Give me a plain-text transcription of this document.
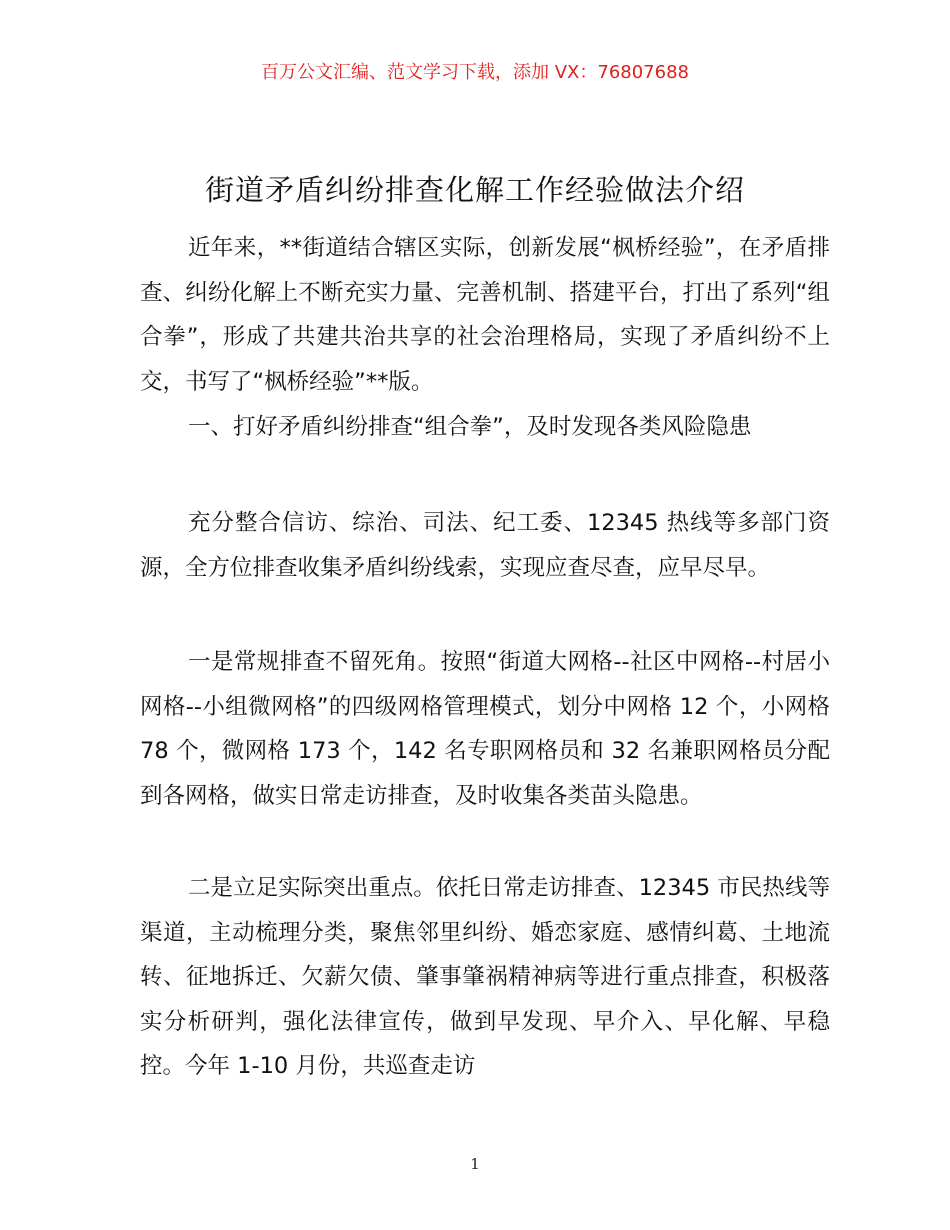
百万公文汇编、范文学习下载，添加 VX：76807688
街道矛盾纠纷排查化解工作经验做法介绍

近年来，**街道结合辖区实际，创新发展“枫桥经验”，在矛盾排查、纠纷化解上不断充实力量、完善机制、搭建平台，打出了系列“组合拳”，形成了共建共治共享的社会治理格局，实现了矛盾纠纷不上交，书写了“枫桥经验”**版。

一、打好矛盾纠纷排查“组合拳”，及时发现各类风险隐患

充分整合信访、综治、司法、纪工委、12345 热线等多部门资源，全方位排查收集矛盾纠纷线索，实现应查尽查，应早尽早。

一是常规排查不留死角。按照“街道大网格--社区中网格--村居小网格--小组微网格”的四级网格管理模式，划分中网格 12 个，小网格 78 个，微网格 173 个，142 名专职网格员和 32 名兼职网格员分配到各网格，做实日常走访排查，及时收集各类苗头隐患。

二是立足实际突出重点。依托日常走访排查、12345 市民热线等渠道，主动梳理分类，聚焦邻里纠纷、婚恋家庭、感情纠葛、土地流转、征地拆迁、欠薪欠债、肇事肇祸精神病等进行重点排查，积极落实分析研判，强化法律宣传，做到早发现、早介入、早化解、早稳控。今年 1-10 月份，共巡查走访

1
